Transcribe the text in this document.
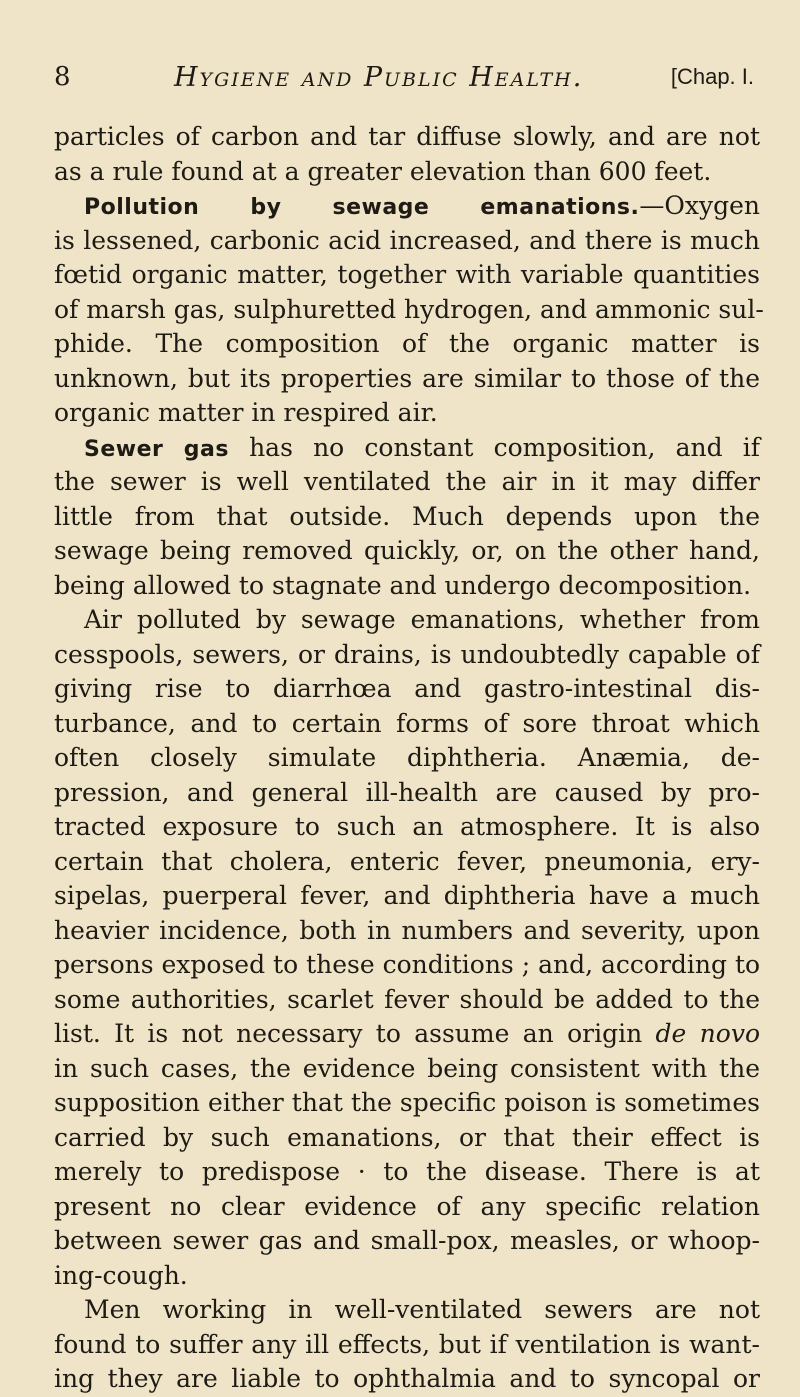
8	Hygiene and Public Health.	[Chap. I.
particles of carbon and tar diffuse slowly, and are not
as a rule found at a greater elevation than 600 feet.
Pollution by sewage emanations.—Oxygen
is lessened, carbonic acid increased, and there is much
fœtid organic matter, together with variable quantities
of marsh gas, sulphuretted hydrogen, and ammonic sul-
phide. The composition of the organic matter is
unknown, but its properties are similar to those of the
organic matter in respired air.
Sewer gas has no constant composition, and if
the sewer is well ventilated the air in it may differ
little from that outside. Much depends upon the
sewage being removed quickly, or, on the other hand,
being allowed to stagnate and undergo decomposition.
Air polluted by sewage emanations, whether from
cesspools, sewers, or drains, is undoubtedly capable of
giving rise to diarrhœa and gastro-intestinal dis-
turbance, and to certain forms of sore throat which
often closely simulate diphtheria. Anæmia, de-
pression, and general ill-health are caused by pro-
tracted exposure to such an atmosphere. It is also
certain that cholera, enteric fever, pneumonia, ery-
sipelas, puerperal fever, and diphtheria have a much
heavier incidence, both in numbers and severity, upon
persons exposed to these conditions ; and, according to
some authorities, scarlet fever should be added to the
list. It is not necessary to assume an origin de novo
in such cases, the evidence being consistent with the
supposition either that the specific poison is sometimes
carried by such emanations, or that their effect is
merely to predispose · to the disease. There is at
present no clear evidence of any specific relation
between sewer gas and small-pox, measles, or whoop-
ing-cough.
Men working in well-ventilated sewers are not
found to suffer any ill effects, but if ventilation is want-
ing they are liable to ophthalmia and to syncopal or
